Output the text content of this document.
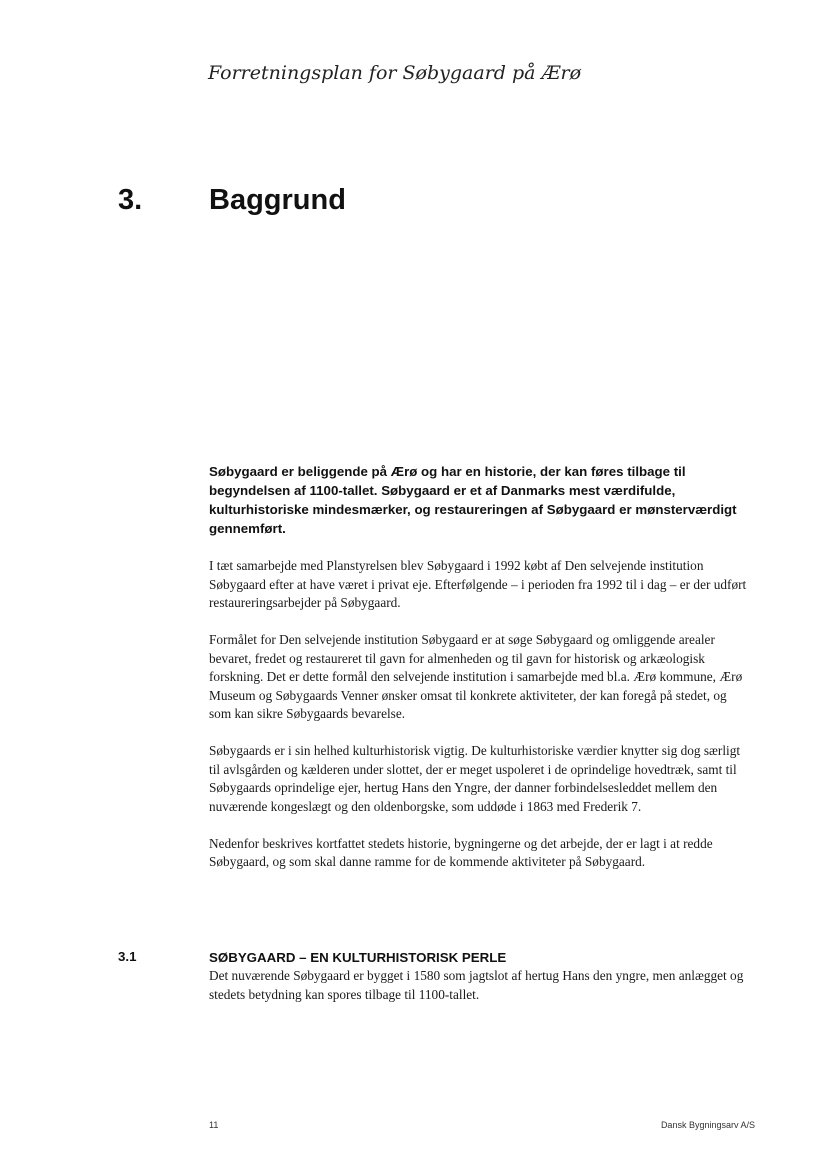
Forretningsplan for Søbygaard på Ærø
3. Baggrund

Søbygaard er beliggende på Ærø og har en historie, der kan føres tilbage til begyndelsen af 1100-tallet. Søbygaard er et af Danmarks mest værdifulde, kulturhistoriske mindesmærker, og restaureringen af Søbygaard er mønsterværdigt gennemført.

I tæt samarbejde med Planstyrelsen blev Søbygaard i 1992 købt af Den selvejende institution Søbygaard efter at have været i privat eje. Efterfølgende – i perioden fra 1992 til i dag – er der udført restaureringsarbejder på Søbygaard.

Formålet for Den selvejende institution Søbygaard er at søge Søbygaard og omliggende arealer bevaret, fredet og restaureret til gavn for almenheden og til gavn for historisk og arkæologisk forskning. Det er dette formål den selvejende institution i samarbejde med bl.a. Ærø kommune, Ærø Museum og Søbygaards Venner ønsker omsat til konkrete aktiviteter, der kan foregå på stedet, og som kan sikre Søbygaards bevarelse.

Søbygaards er i sin helhed kulturhistorisk vigtig. De kulturhistoriske værdier knytter sig dog særligt til avlsgården og kælderen under slottet, der er meget uspoleret i de oprindelige hovedtræk, samt til Søbygaards oprindelige ejer, hertug Hans den Yngre, der danner forbindelsesleddet mellem den nuværende kongeslægt og den oldenborgske, som uddøde i 1863 med Frederik 7.

Nedenfor beskrives kortfattet stedets historie, bygningerne og det arbejde, der er lagt i at redde Søbygaard, og som skal danne ramme for de kommende aktiviteter på Søbygaard.

3.1	SØBYGAARD – EN KULTURHISTORISK PERLE

Det nuværende Søbygaard er bygget i 1580 som jagtslot af hertug Hans den yngre, men anlægget og stedets betydning kan spores tilbage til 1100-tallet.

11	Dansk Bygningsarv A/S
